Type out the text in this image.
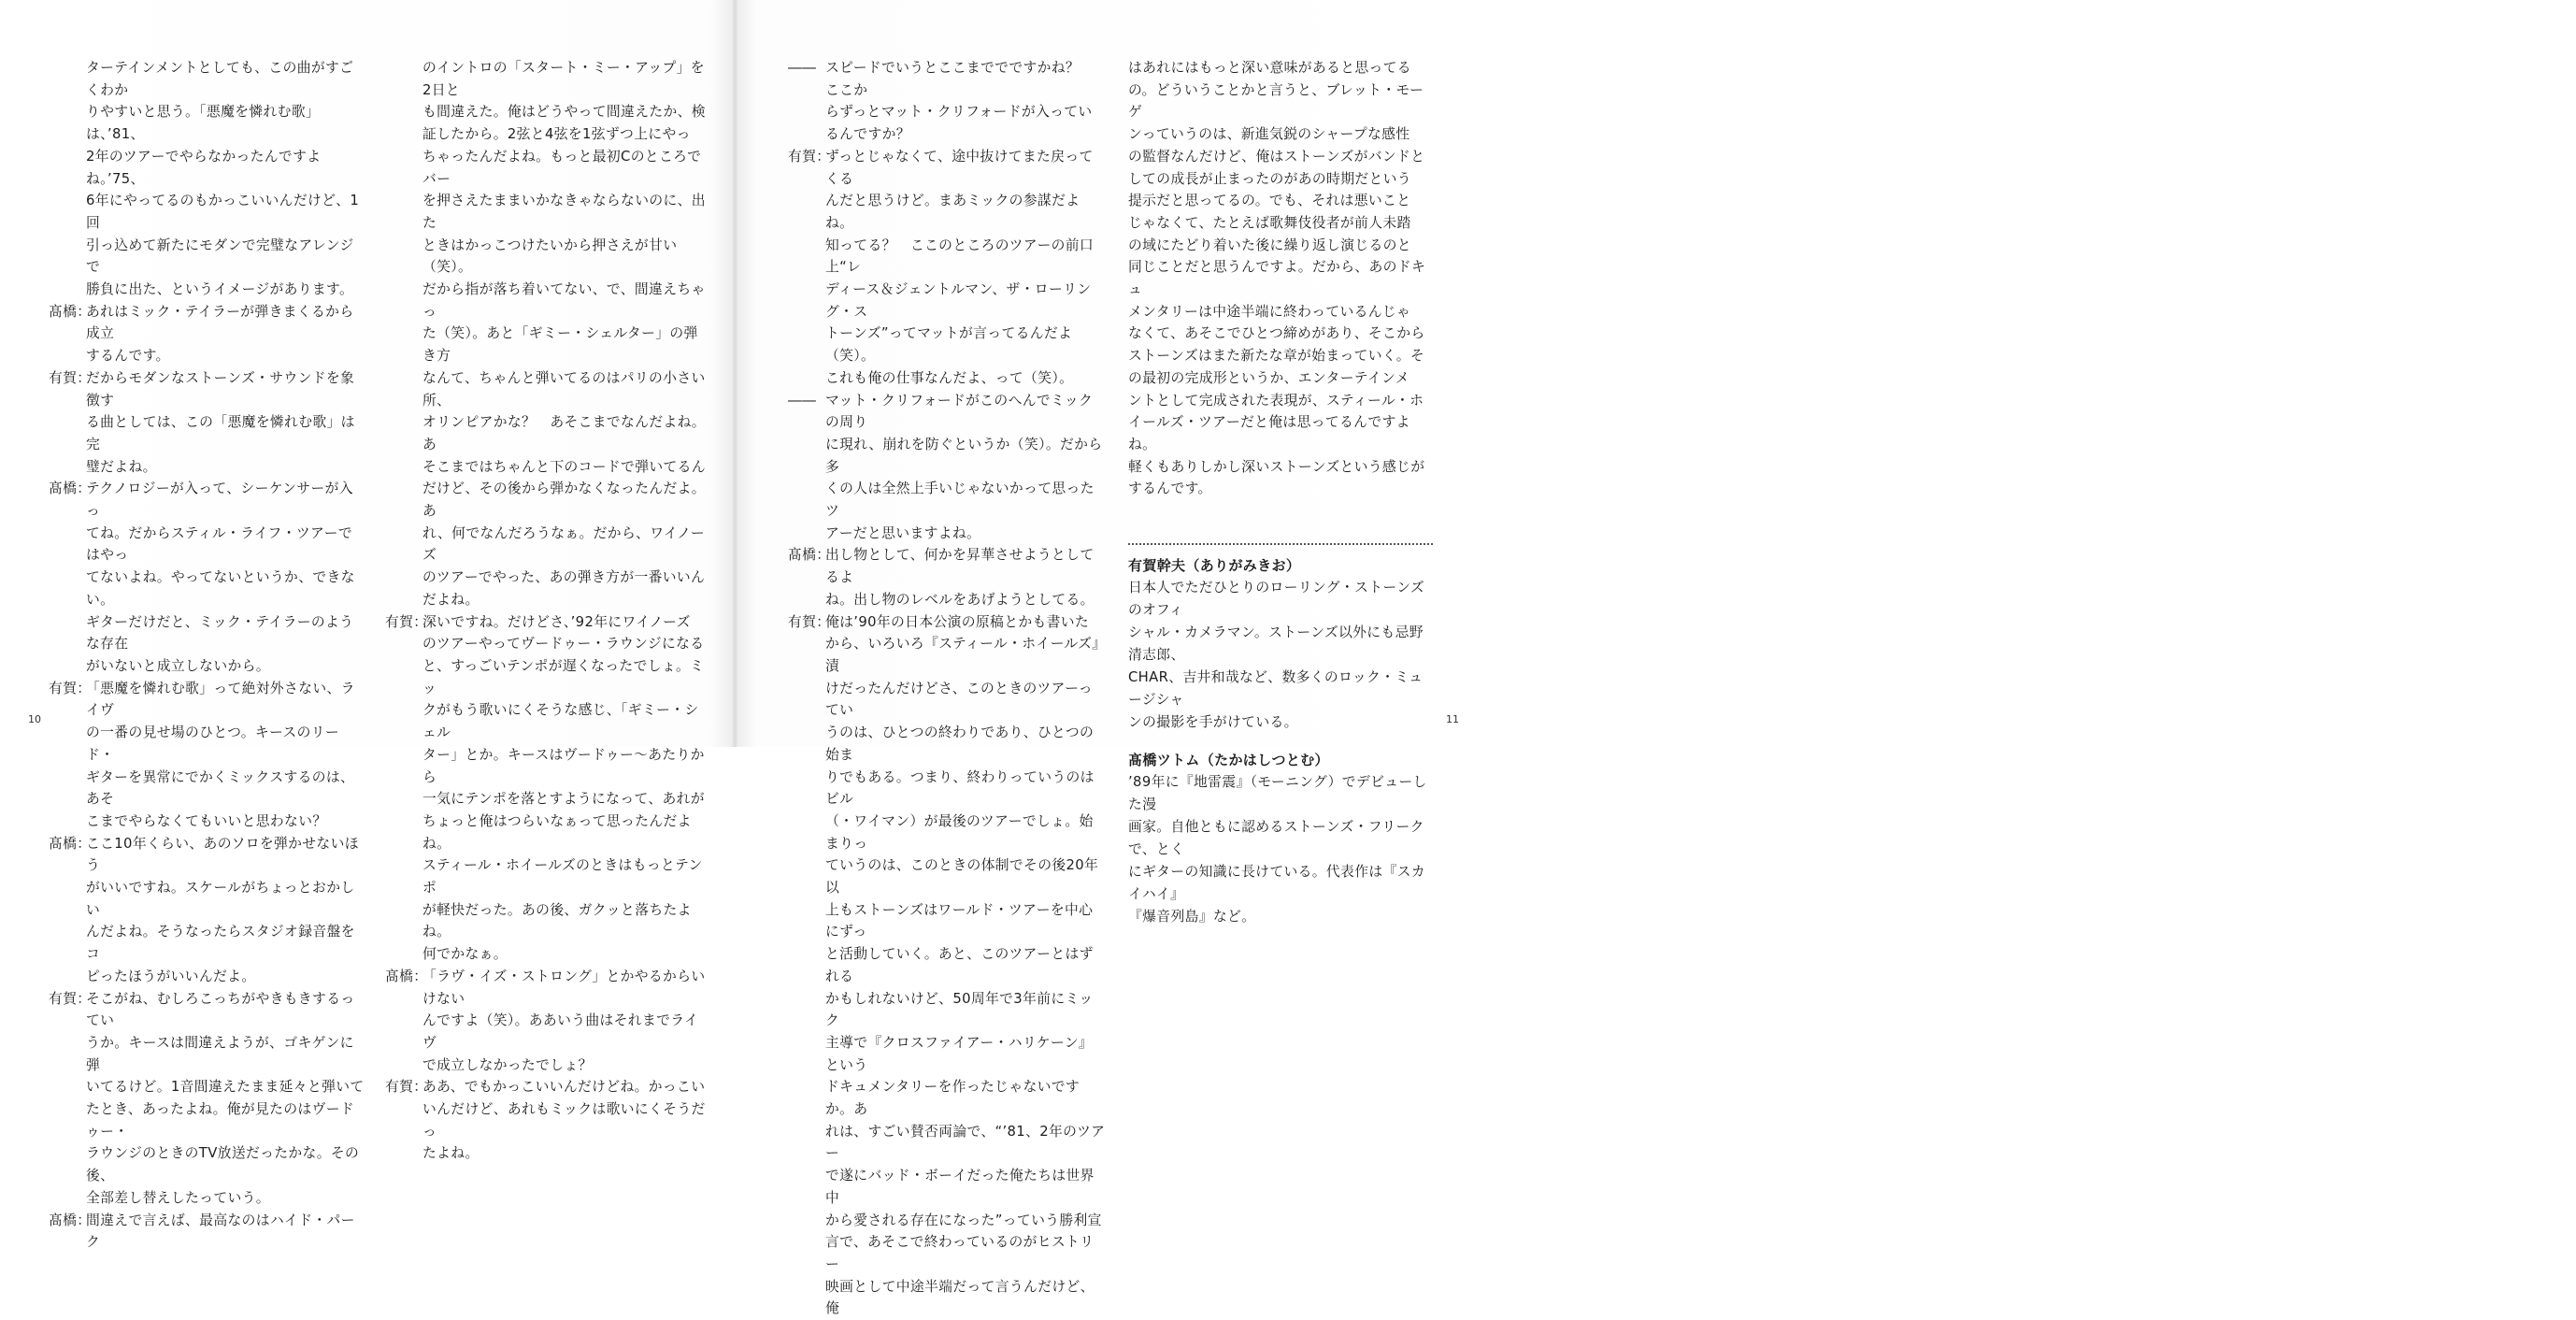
ターテインメントとしても、この曲がすごくわか
りやすいと思う。「悪魔を憐れむ歌」は、’81、
2年のツアーでやらなかったんですよね。’75、
6年にやってるのもかっこいいんだけど、1回
引っ込めて新たにモダンで完璧なアレンジで
勝負に出た、というイメージがあります。
髙橋：
あれはミック・テイラーが弾きまくるから成立
するんです。
有賀：
だからモダンなストーンズ・サウンドを象徴す
る曲としては、この「悪魔を憐れむ歌」は完
璧だよね。
髙橋：
テクノロジーが入って、シーケンサーが入っ
てね。だからスティル・ライフ・ツアーではやっ
てないよね。やってないというか、できない。
ギターだけだと、ミック・テイラーのような存在
がいないと成立しないから。
有賀：
「悪魔を憐れむ歌」って絶対外さない、ライヴ
の一番の見せ場のひとつ。キースのリード・
ギターを異常にでかくミックスするのは、あそ
こまでやらなくてもいいと思わない？
髙橋：
ここ10年くらい、あのソロを弾かせないほう
がいいですね。スケールがちょっとおかしい
んだよね。そうなったらスタジオ録音盤をコ
ピったほうがいいんだよ。
有賀：
そこがね、むしろこっちがやきもきするってい
うか。キースは間違えようが、ゴキゲンに弾
いてるけど。1音間違えたまま延々と弾いて
たとき、あったよね。俺が見たのはヴードゥー・
ラウンジのときのTV放送だったかな。その後、
全部差し替えしたっていう。
髙橋：
間違えで言えば、最高なのはハイド・パーク
のイントロの「スタート・ミー・アップ」を2日と
も間違えた。俺はどうやって間違えたか、検
証したから。2弦と4弦を1弦ずつ上にやっ
ちゃったんだよね。もっと最初Cのところでバー
を押さえたままいかなきゃならないのに、出た
ときはかっこつけたいから押さえが甘い（笑）。
だから指が落ち着いてない、で、間違えちゃっ
た（笑）。あと「ギミー・シェルター」の弾き方
なんて、ちゃんと弾いてるのはパリの小さい所、
オリンピアかな？　あそこまでなんだよね。あ
そこまではちゃんと下のコードで弾いてるん
だけど、その後から弾かなくなったんだよ。あ
れ、何でなんだろうなぁ。だから、ワイノーズ
のツアーでやった、あの弾き方が一番いいん
だよね。
有賀：
深いですね。だけどさ、’92年にワイノーズ
のツアーやってヴードゥー・ラウンジになる
と、すっごいテンポが遅くなったでしょ。ミッ
クがもう歌いにくそうな感じ、「ギミー・シェル
ター」とか。キースはヴードゥー～あたりから
一気にテンポを落とすようになって、あれが
ちょっと俺はつらいなぁって思ったんだよね。
スティール・ホイールズのときはもっとテンポ
が軽快だった。あの後、ガクッと落ちたよね。
何でかなぁ。
髙橋：
「ラヴ・イズ・ストロング」とかやるからいけない
んですよ（笑）。ああいう曲はそれまでライヴ
で成立しなかったでしょ？
有賀：
ああ、でもかっこいいんだけどね。かっこい
いんだけど、あれもミックは歌いにくそうだっ
たよね。
10
―― スピードでいうとここまででですかね？　ここか
らずっとマット・クリフォードが入っているんですか？
有賀：
ずっとじゃなくて、途中抜けてまた戻ってくる
んだと思うけど。まあミックの参謀だよね。
知ってる？　ここのところのツアーの前口上“レ
ディース＆ジェントルマン、ザ・ローリング・ス
トーンズ”ってマットが言ってるんだよ（笑）。
これも俺の仕事なんだよ、って（笑）。
―― マット・クリフォードがこのへんでミックの周り
に現れ、崩れを防ぐというか（笑）。だから多
くの人は全然上手いじゃないかって思ったツ
アーだと思いますよね。
髙橋：
出し物として、何かを昇華させようとしてるよ
ね。出し物のレベルをあげようとしてる。
有賀：
俺は’90年の日本公演の原稿とかも書いた
から、いろいろ『スティール・ホイールズ』漬
けだったんだけどさ、このときのツアーってい
うのは、ひとつの終わりであり、ひとつの始ま
りでもある。つまり、終わりっていうのはビル
（・ワイマン）が最後のツアーでしょ。始まりっ
ていうのは、このときの体制でその後20年以
上もストーンズはワールド・ツアーを中心にずっ
と活動していく。あと、このツアーとはずれる
かもしれないけど、50周年で3年前にミック
主導で『クロスファイアー・ハリケーン』という
ドキュメンタリーを作ったじゃないですか。あ
れは、すごい賛否両論で、“’81、2年のツアー
で遂にバッド・ボーイだった俺たちは世界中
から愛される存在になった”っていう勝利宣
言で、あそこで終わっているのがヒストリー
映画として中途半端だって言うんだけど、俺
はあれにはもっと深い意味があると思ってる
の。どういうことかと言うと、ブレット・モーゲ
ンっていうのは、新進気鋭のシャープな感性
の監督なんだけど、俺はストーンズがバンドと
しての成長が止まったのがあの時期だという
提示だと思ってるの。でも、それは悪いこと
じゃなくて、たとえば歌舞伎役者が前人未踏
の域にたどり着いた後に繰り返し演じるのと
同じことだと思うんですよ。だから、あのドキュ
メンタリーは中途半端に終わっているんじゃ
なくて、あそこでひとつ締めがあり、そこから
ストーンズはまた新たな章が始まっていく。そ
の最初の完成形というか、エンターテインメ
ントとして完成された表現が、スティール・ホ
イールズ・ツアーだと俺は思ってるんですよね。
軽くもありしかし深いストーンズという感じが
するんです。
有賀幹夫（ありがみきお）
日本人でただひとりのローリング・ストーンズのオフィ
シャル・カメラマン。ストーンズ以外にも忌野清志郎、
CHAR、吉井和哉など、数多くのロック・ミュージシャ
ンの撮影を手がけている。
髙橋ツトム（たかはしつとむ）
’89年に『地雷震』（モーニング）でデビューした漫
画家。自他ともに認めるストーンズ・フリークで、とく
にギターの知識に長けている。代表作は『スカイハイ』
『爆音列島』など。
11
